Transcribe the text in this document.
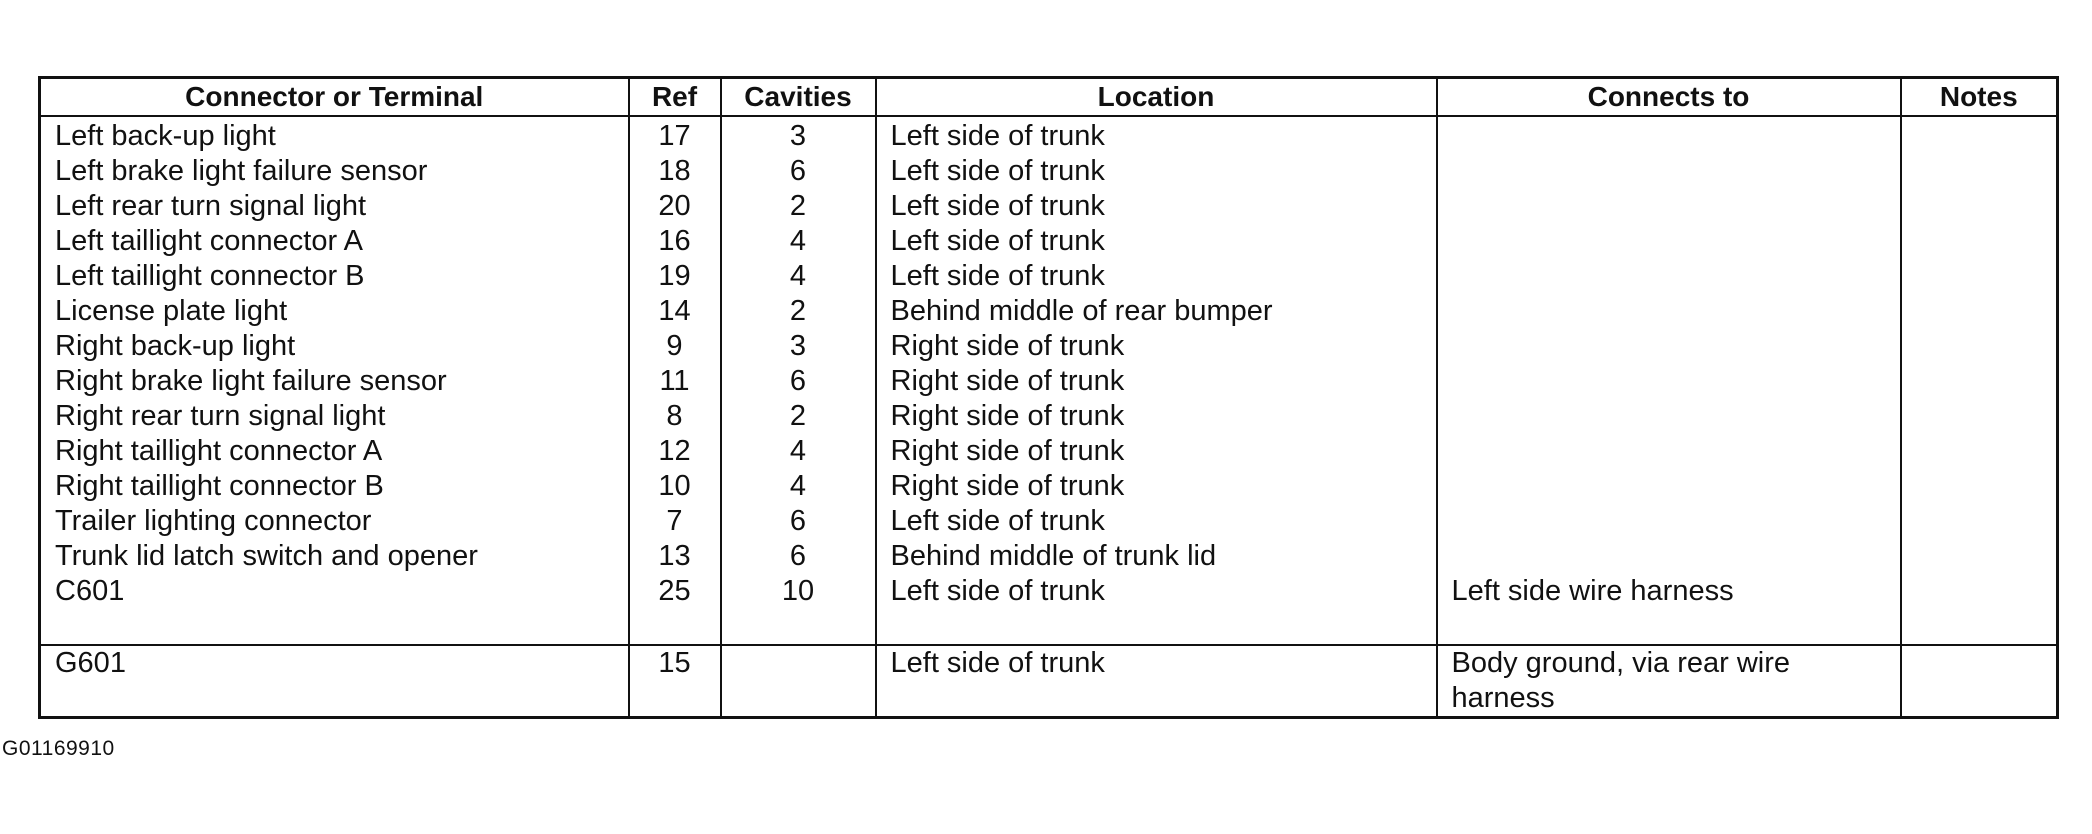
Connector or Terminal	Ref	Cavities	Location	Connects to	Notes
Left back-up light	17	3	Left side of trunk		
Left brake light failure sensor	18	6	Left side of trunk		
Left rear turn signal light	20	2	Left side of trunk		
Left taillight connector A	16	4	Left side of trunk		
Left taillight connector B	19	4	Left side of trunk		
License plate light	14	2	Behind middle of rear bumper		
Right back-up light	9	3	Right side of trunk		
Right brake light failure sensor	11	6	Right side of trunk		
Right rear turn signal light	8	2	Right side of trunk		
Right taillight connector A	12	4	Right side of trunk		
Right taillight connector B	10	4	Right side of trunk		
Trailer lighting connector	7	6	Left side of trunk		
Trunk lid latch switch and opener	13	6	Behind middle of trunk lid		
C601	25	10	Left side of trunk	Left side wire harness	
G601	15		Left side of trunk	Body ground, via rear wire harness	
G01169910
